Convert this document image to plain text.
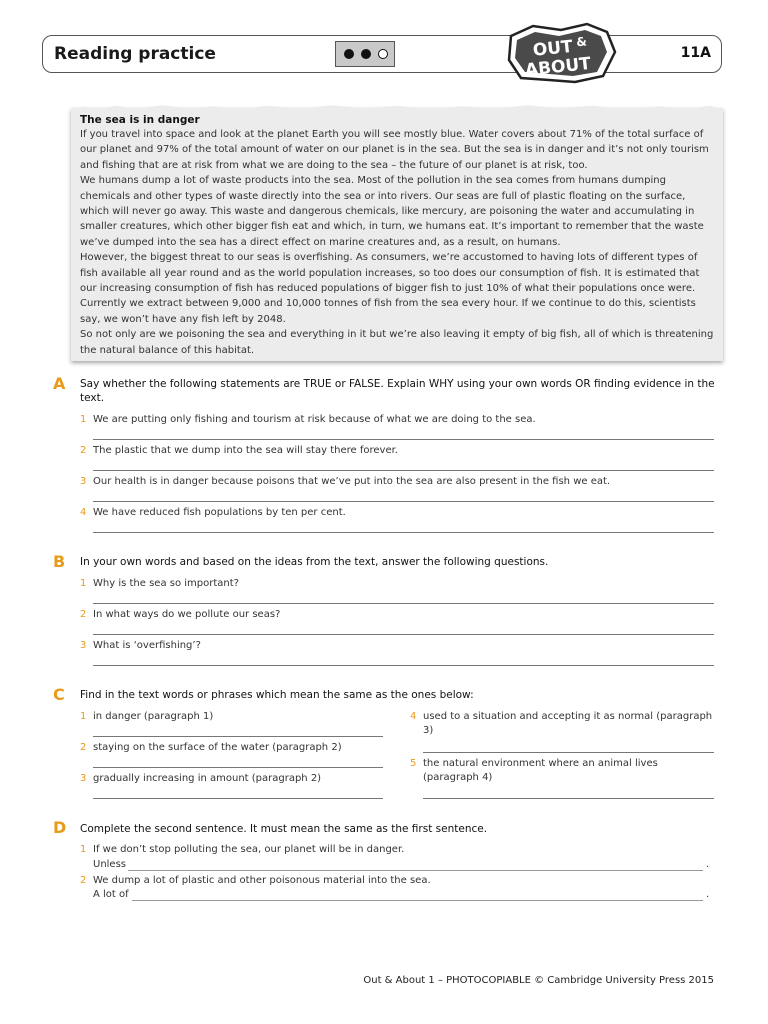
Reading practice	OUT &
ABOUT
11A
The sea is in danger

If you travel into space and look at the planet Earth you will see mostly blue. Water covers about 71% of the total surface of our planet and 97% of the total amount of water on our planet is in the sea. But the sea is in danger and it’s not only tourism and fishing that are at risk from what we are doing to the sea – the future of our planet is at risk, too.

We humans dump a lot of waste products into the sea. Most of the pollution in the sea comes from humans dumping chemicals and other types of waste directly into the sea or into rivers. Our seas are full of plastic floating on the surface, which will never go away. This waste and dangerous chemicals, like mercury, are poisoning the water and accumulating in smaller creatures, which other bigger fish eat and which, in turn, we humans eat. It’s important to remember that the waste we’ve dumped into the sea has a direct effect on marine creatures and, as a result, on humans.

However, the biggest threat to our seas is overfishing. As consumers, we’re accustomed to having lots of different types of fish available all year round and as the world population increases, so too does our consumption of fish. It is estimated that our increasing consumption of fish has reduced populations of bigger fish to just 10% of what their populations once were. Currently we extract between 9,000 and 10,000 tonnes of fish from the sea every hour. If we continue to do this, scientists say, we won’t have any fish left by 2048.

So not only are we poisoning the sea and everything in it but we’re also leaving it empty of big fish, all of which is threatening the natural balance of this habitat.

A Say whether the following statements are TRUE or FALSE. Explain WHY using your own words OR finding evidence in the text.
1 We are putting only fishing and tourism at risk because of what we are doing to the sea.
2 The plastic that we dump into the sea will stay there forever.
3 Our health is in danger because poisons that we’ve put into the sea are also present in the fish we eat.
4 We have reduced fish populations by ten per cent.
B In your own words and based on the ideas from the text, answer the following questions.
1 Why is the sea so important?
2 In what ways do we pollute our seas?
3 What is ‘overfishing’?
C Find in the text words or phrases which mean the same as the ones below:
1 in danger (paragraph 1)
2 staying on the surface of the water (paragraph 2)
3 gradually increasing in amount (paragraph 2)
4 used to a situation and accepting it as normal (paragraph 3)
5 the natural environment where an animal lives (paragraph 4)
D Complete the second sentence. It must mean the same as the first sentence.
1 If we don’t stop polluting the sea, our planet will be in danger.
Unless	.
2 We dump a lot of plastic and other poisonous material into the sea.
A lot of	.
Out & About 1 – PHOTOCOPIABLE © Cambridge University Press 2015
